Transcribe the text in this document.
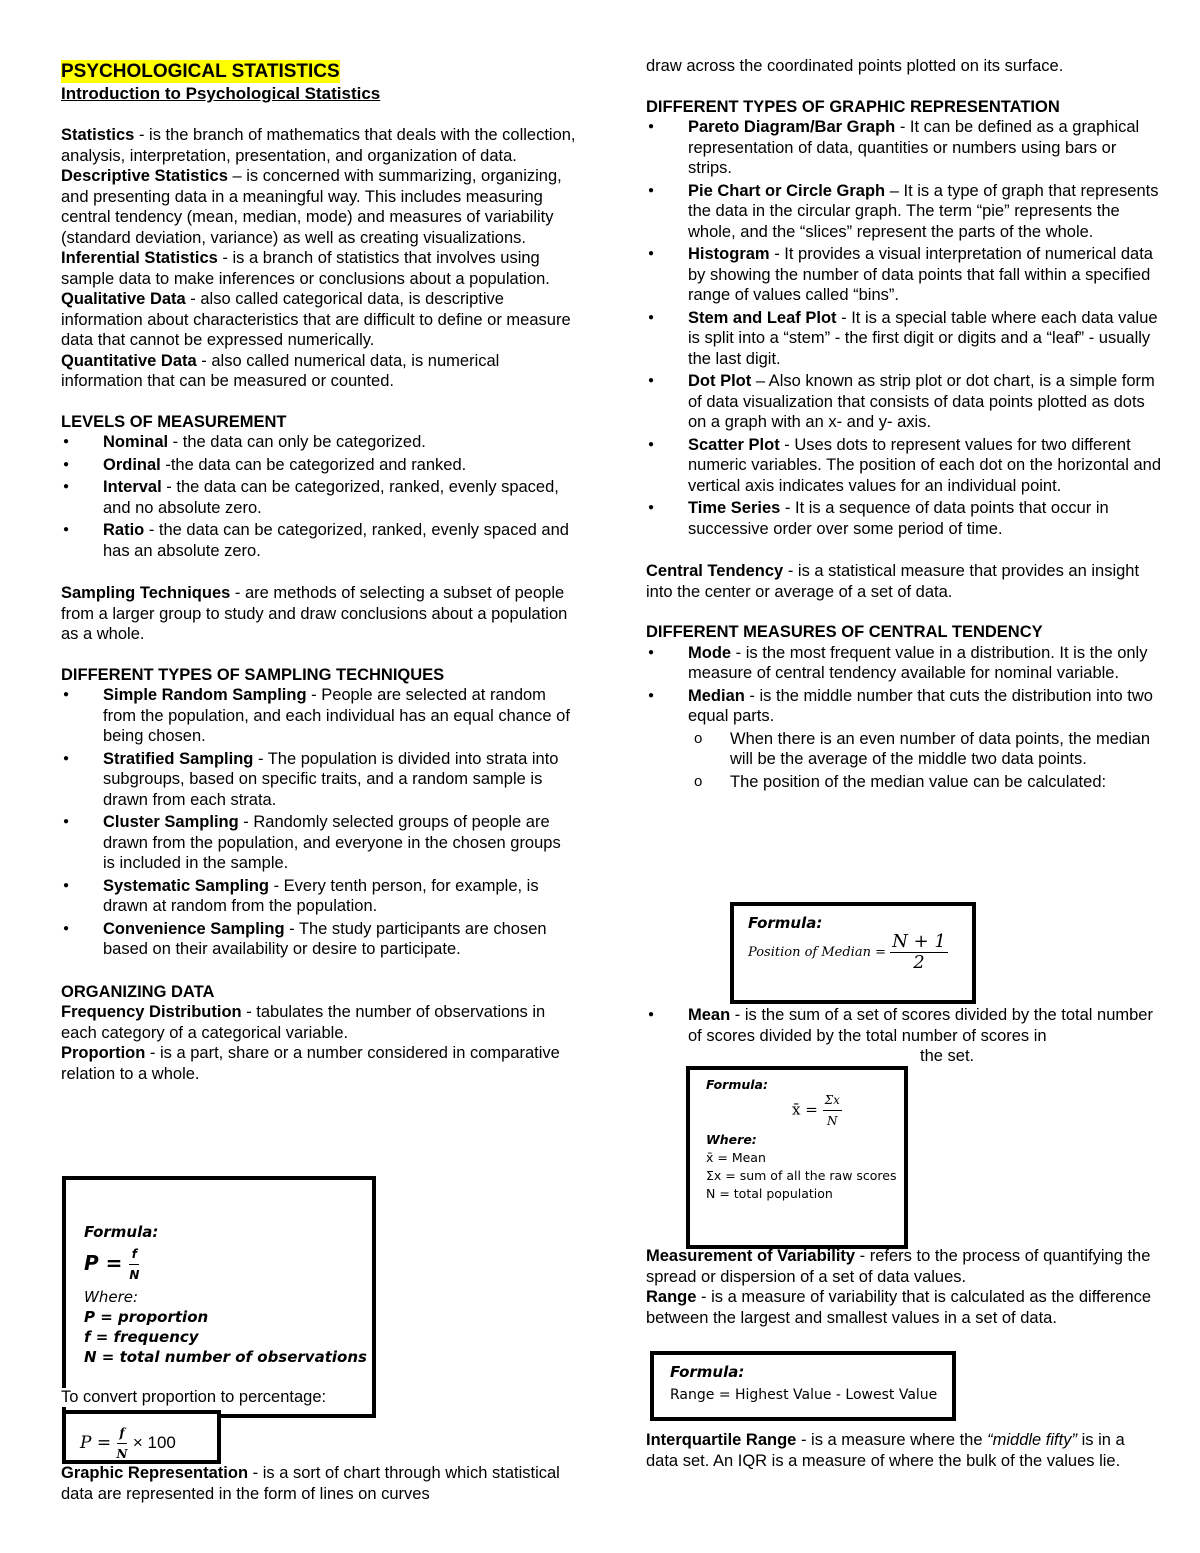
PSYCHOLOGICAL STATISTICS
Introduction to Psychological Statistics

Statistics - is the branch of mathematics that deals with the collection, analysis, interpretation, presentation, and organization of data.

Descriptive Statistics – is concerned with summarizing, organizing, and presenting data in a meaningful way. This includes measuring central tendency (mean, median, mode) and measures of variability (standard deviation, variance) as well as creating visualizations.

Inferential Statistics - is a branch of statistics that involves using sample data to make inferences or conclusions about a population.

Qualitative Data - also called categorical data, is descriptive information about characteristics that are difficult to define or measure data that cannot be expressed numerically.

Quantitative Data - also called numerical data, is numerical information that can be measured or counted.

LEVELS OF MEASUREMENT

● Nominal - the data can only be categorized.
● Ordinal -the data can be categorized and ranked.
● Interval - the data can be categorized, ranked, evenly spaced, and no absolute zero.
● Ratio - the data can be categorized, ranked, evenly spaced and has an absolute zero.

Sampling Techniques - are methods of selecting a subset of people from a larger group to study and draw conclusions about a population as a whole.

DIFFERENT TYPES OF SAMPLING TECHNIQUES

● Simple Random Sampling - People are selected at random from the population, and each individual has an equal chance of being chosen.
● Stratified Sampling - The population is divided into strata into subgroups, based on specific traits, and a random sample is drawn from each strata.
● Cluster Sampling - Randomly selected groups of people are drawn from the population, and everyone in the chosen groups is included in the sample.
● Systematic Sampling - Every tenth person, for example, is drawn at random from the population.
● Convenience Sampling - The study participants are chosen based on their availability or desire to participate.

ORGANIZING DATA

Frequency Distribution - tabulates the number of observations in each category of a categorical variable.

Proportion - is a part, share or a number considered in comparative relation to a whole.

Formula:
$P = \frac{f}{N}$
Where:
P = proportion
f = frequency
N = total number of observations
To convert proportion to percentage:
$P = \frac{f}{N} \times 100$

Graphic Representation - is a sort of chart through which statistical data are represented in the form of lines on curves

draw across the coordinated points plotted on its surface.

DIFFERENT TYPES OF GRAPHIC REPRESENTATION

● Pareto Diagram/Bar Graph - It can be defined as a graphical representation of data, quantities or numbers using bars or strips.
● Pie Chart or Circle Graph – It is a type of graph that represents the data in the circular graph. The term “pie” represents the whole, and the “slices” represent the parts of the whole.
● Histogram - It provides a visual interpretation of numerical data by showing the number of data points that fall within a specified range of values called “bins”.
● Stem and Leaf Plot - It is a special table where each data value is split into a “stem” - the first digit or digits and a “leaf” - usually the last digit.
● Dot Plot – Also known as strip plot or dot chart, is a simple form of data visualization that consists of data points plotted as dots on a graph with an x- and y- axis.
● Scatter Plot - Uses dots to represent values for two different numeric variables. The position of each dot on the horizontal and vertical axis indicates values for an individual point.
● Time Series - It is a sequence of data points that occur in successive order over some period of time.

Central Tendency - is a statistical measure that provides an insight into the center or average of a set of data.

DIFFERENT MEASURES OF CENTRAL TENDENCY

● Mode - is the most frequent value in a distribution. It is the only measure of central tendency available for nominal variable.
● Median - is the middle number that cuts the distribution into two equal parts.
o When there is an even number of data points, the median will be the average of the middle two data points.
o The position of the median value can be calculated:
Formula:
Position of Median = $\frac{N + 1}{2}$
● Mean - is the sum of a set of scores divided by the total number of scores divided by the total number of scores in

the set.
Formula:
x̄ = $\frac{\Sigma x}{N}$
Where:
x̄ = Mean
Σx = sum of all the raw scores
N = total population

Measurement of Variability - refers to the process of quantifying the spread or dispersion of a set of data values.

Range - is a measure of variability that is calculated as the difference between the largest and smallest values in a set of data.

Formula:
Range = Highest Value - Lowest Value

Interquartile Range - is a measure where the “middle fifty” is in a data set. An IQR is a measure of where the bulk of the values lie.
